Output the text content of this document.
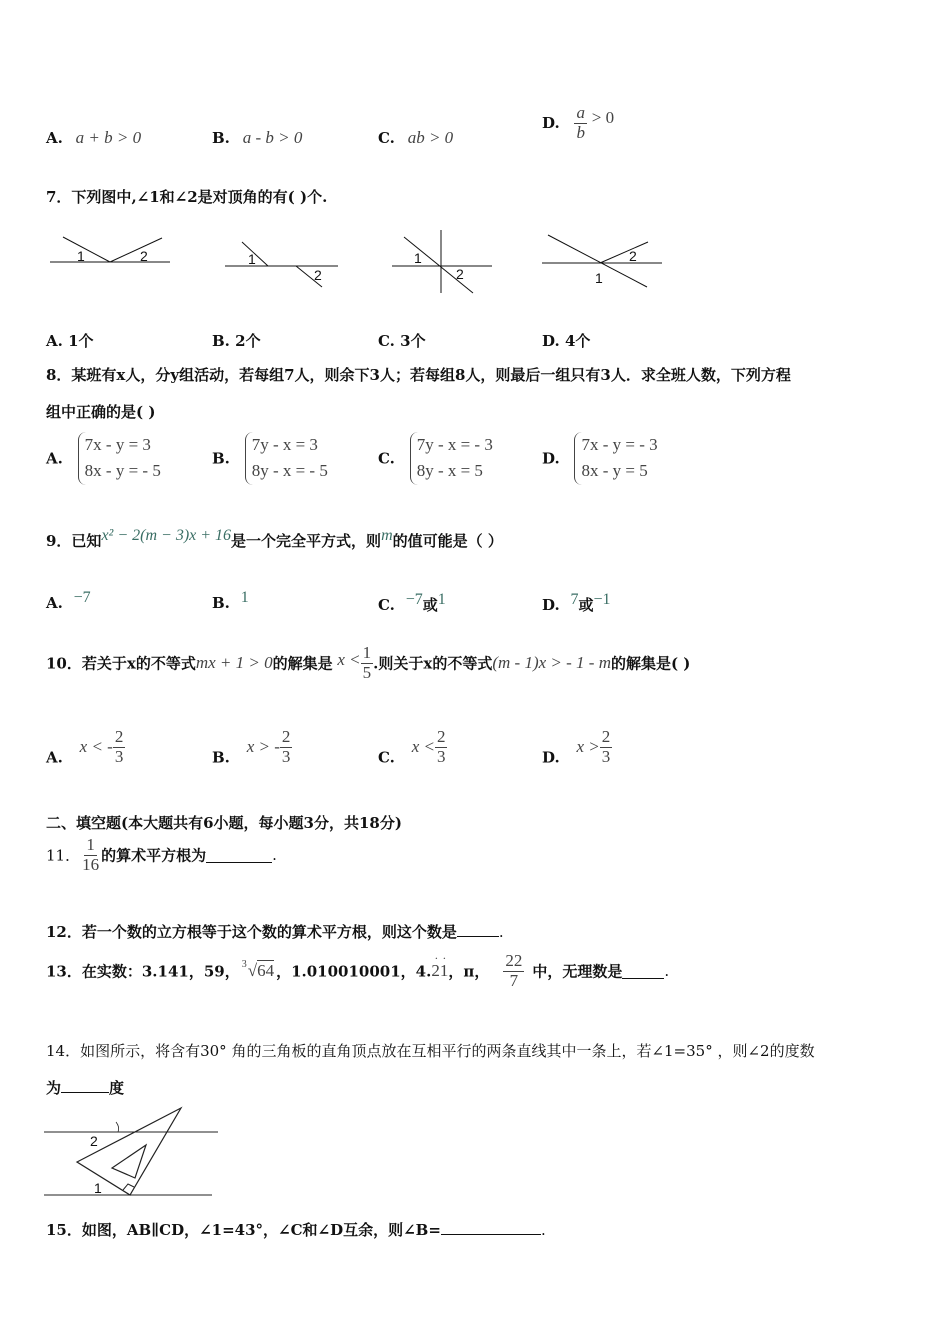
A. a + b > 0	B. a - b > 0	C. ab > 0
D. $\frac{a}{b} > 0$
7．下列图中,∠1和∠2是对顶角的有( )个.
1	2	1
2
1
2	1
2
A. 1个	B. 2个	C. 3个	D. 4个
8．某班有x人，分y组活动，若每组7人，则余下3人；若每组8人，则最后一组只有3人．求全班人数，下列方程
组中正确的是( )
A. 7x - y = 3
8x - y = - 5
B. 7y - x = 3
8y - x = - 5
C. 7y - x = - 3
8y - x = 5
D. 7x - y = - 3
8x - y = 5
9．已知x² − 2(m − 3)x + 16是一个完全平方式，则m的值可能是（ ）
A. −7	B. 1	C. −7或1	D. 7或−1
10．若关于x的不等式mx + 1 > 0的解集是 $x < \frac{1}{5}$ .则关于x的不等式(m - 1)x > - 1 - m的解集是( )
A. x < - $\frac{2}{3}$	B. x > - $\frac{2}{3}$	C. $x < \frac{2}{3}$	D. $x > \frac{2}{3}$
二、填空题(本大题共有6小题，每小题3分，共18分)
11． $\frac{1}{16}$ 的算术平方根为	.
12．若一个数的立方根等于这个数的算术平方根，则这个数是	.
13．在实数：3.141，59， 3 √64 ，1.010010001，4.
··
21，π， $\frac{22}{7}$ 中，无理数是	.
14．如图所示，将含有30° 角的三角板的直角顶点放在互相平行的两条直线其中一条上，若∠1=35° ，则∠2的度数
为	度
2
1
15．如图，AB∥CD，∠1=43°，∠C和∠D互余，则∠B=	.
